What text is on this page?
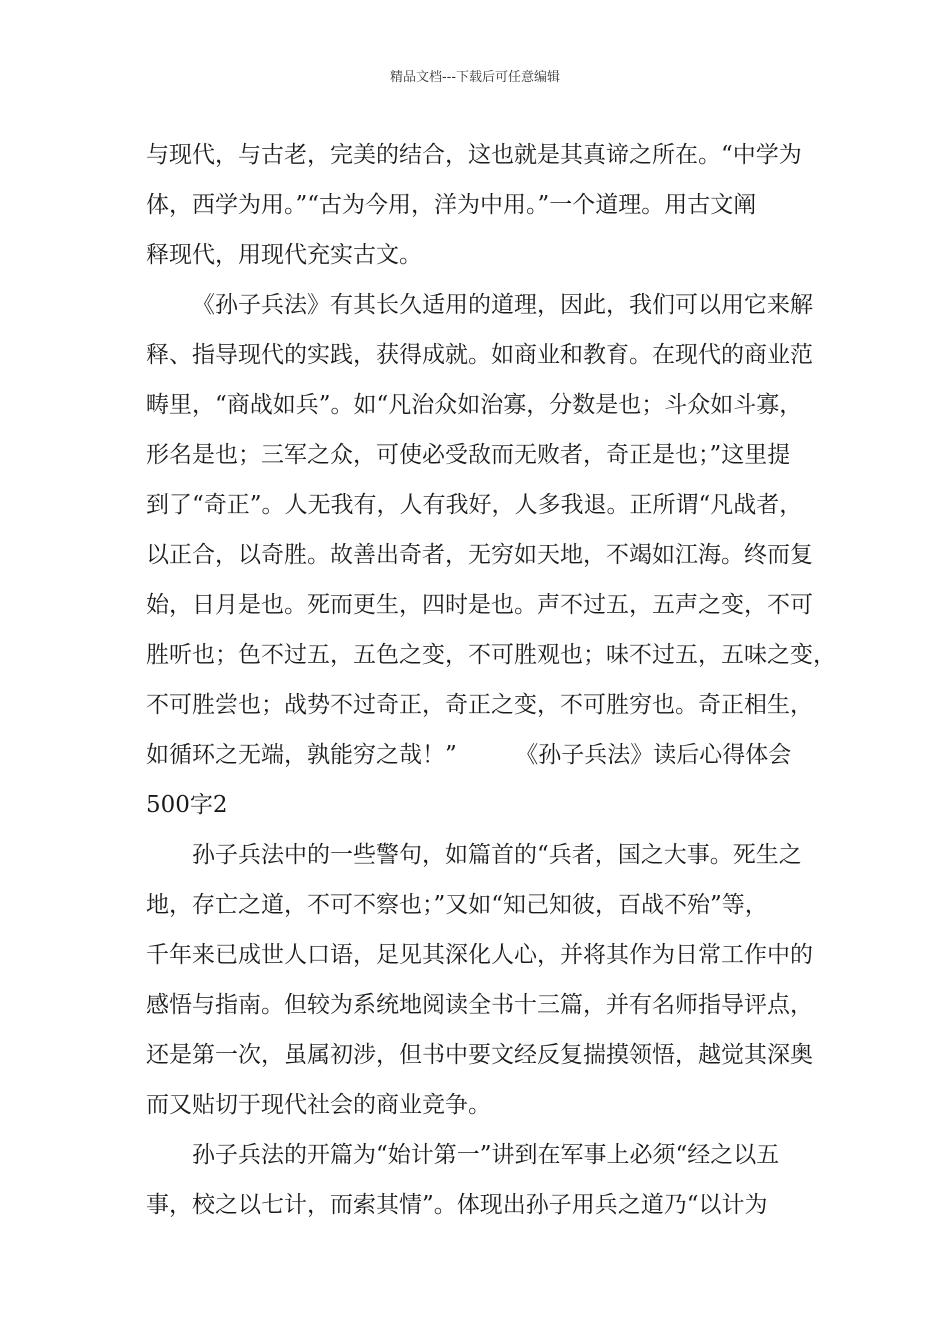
精品文档---下载后可任意编辑
与现代，与古老，完美的结合，这也就是其真谛之所在。“中学为
体，西学为用。”“古为今用，洋为中用。”一个道理。用古文阐
释现代，用现代充实古文。
《孙子兵法》有其长久适用的道理，因此，我们可以用它来解
释、指导现代的实践，获得成就。如商业和教育。在现代的商业范
畴里，“商战如兵”。如“凡治众如治寡，分数是也；斗众如斗寡，
形名是也；三军之众，可使必受敌而无败者，奇正是也；”这里提
到了“奇正”。人无我有，人有我好，人多我退。正所谓“凡战者，
以正合，以奇胜。故善出奇者，无穷如天地，不竭如江海。终而复
始，日月是也。死而更生，四时是也。声不过五，五声之变，不可
胜听也；色不过五，五色之变，不可胜观也；味不过五，五味之变，
不可胜尝也；战势不过奇正，奇正之变，不可胜穷也。奇正相生，
如循环之无端，孰能穷之哉！”	《孙子兵法》读后心得体会
500字2
孙子兵法中的一些警句，如篇首的“兵者，国之大事。死生之
地，存亡之道，不可不察也；”又如“知己知彼，百战不殆”等，
千年来已成世人口语，足见其深化人心，并将其作为日常工作中的
感悟与指南。但较为系统地阅读全书十三篇，并有名师指导评点，
还是第一次，虽属初涉，但书中要文经反复揣摸领悟，越觉其深奥
而又贴切于现代社会的商业竞争。
孙子兵法的开篇为“始计第一”讲到在军事上必须“经之以五
事，校之以七计，而索其情”。体现出孙子用兵之道乃“以计为
